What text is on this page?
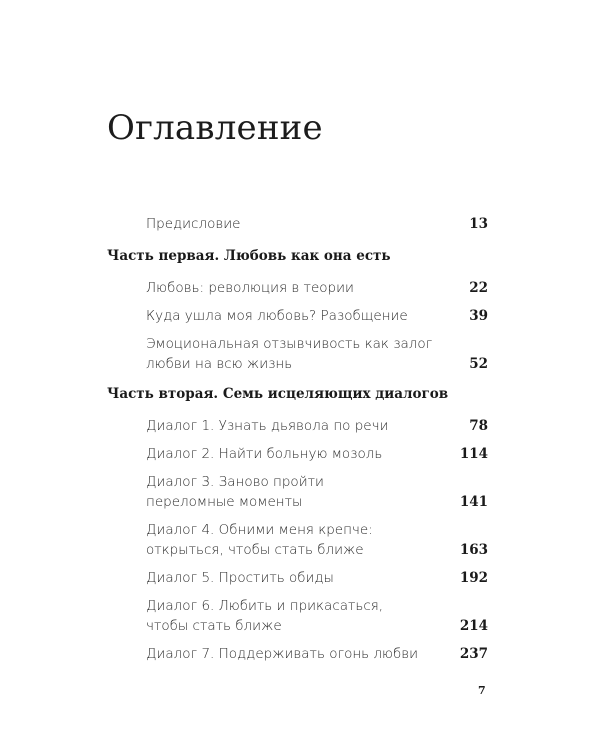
Оглавление
Предисловие	13
Часть первая. Любовь как она есть
Любовь: революция в теории	22
Куда ушла моя любовь? Разобщение	39
Эмоциональная отзывчивость как залог любви на всю жизнь	52
Часть вторая. Семь исцеляющих диалогов
Диалог 1. Узнать дьявола по речи	78
Диалог 2. Найти больную мозоль	114
Диалог 3. Заново пройти переломные моменты	141
Диалог 4. Обними меня крепче: открыться, чтобы стать ближе	163
Диалог 5. Простить обиды	192
Диалог 6. Любить и прикасаться, чтобы стать ближе	214
Диалог 7. Поддерживать огонь любви	237
7
